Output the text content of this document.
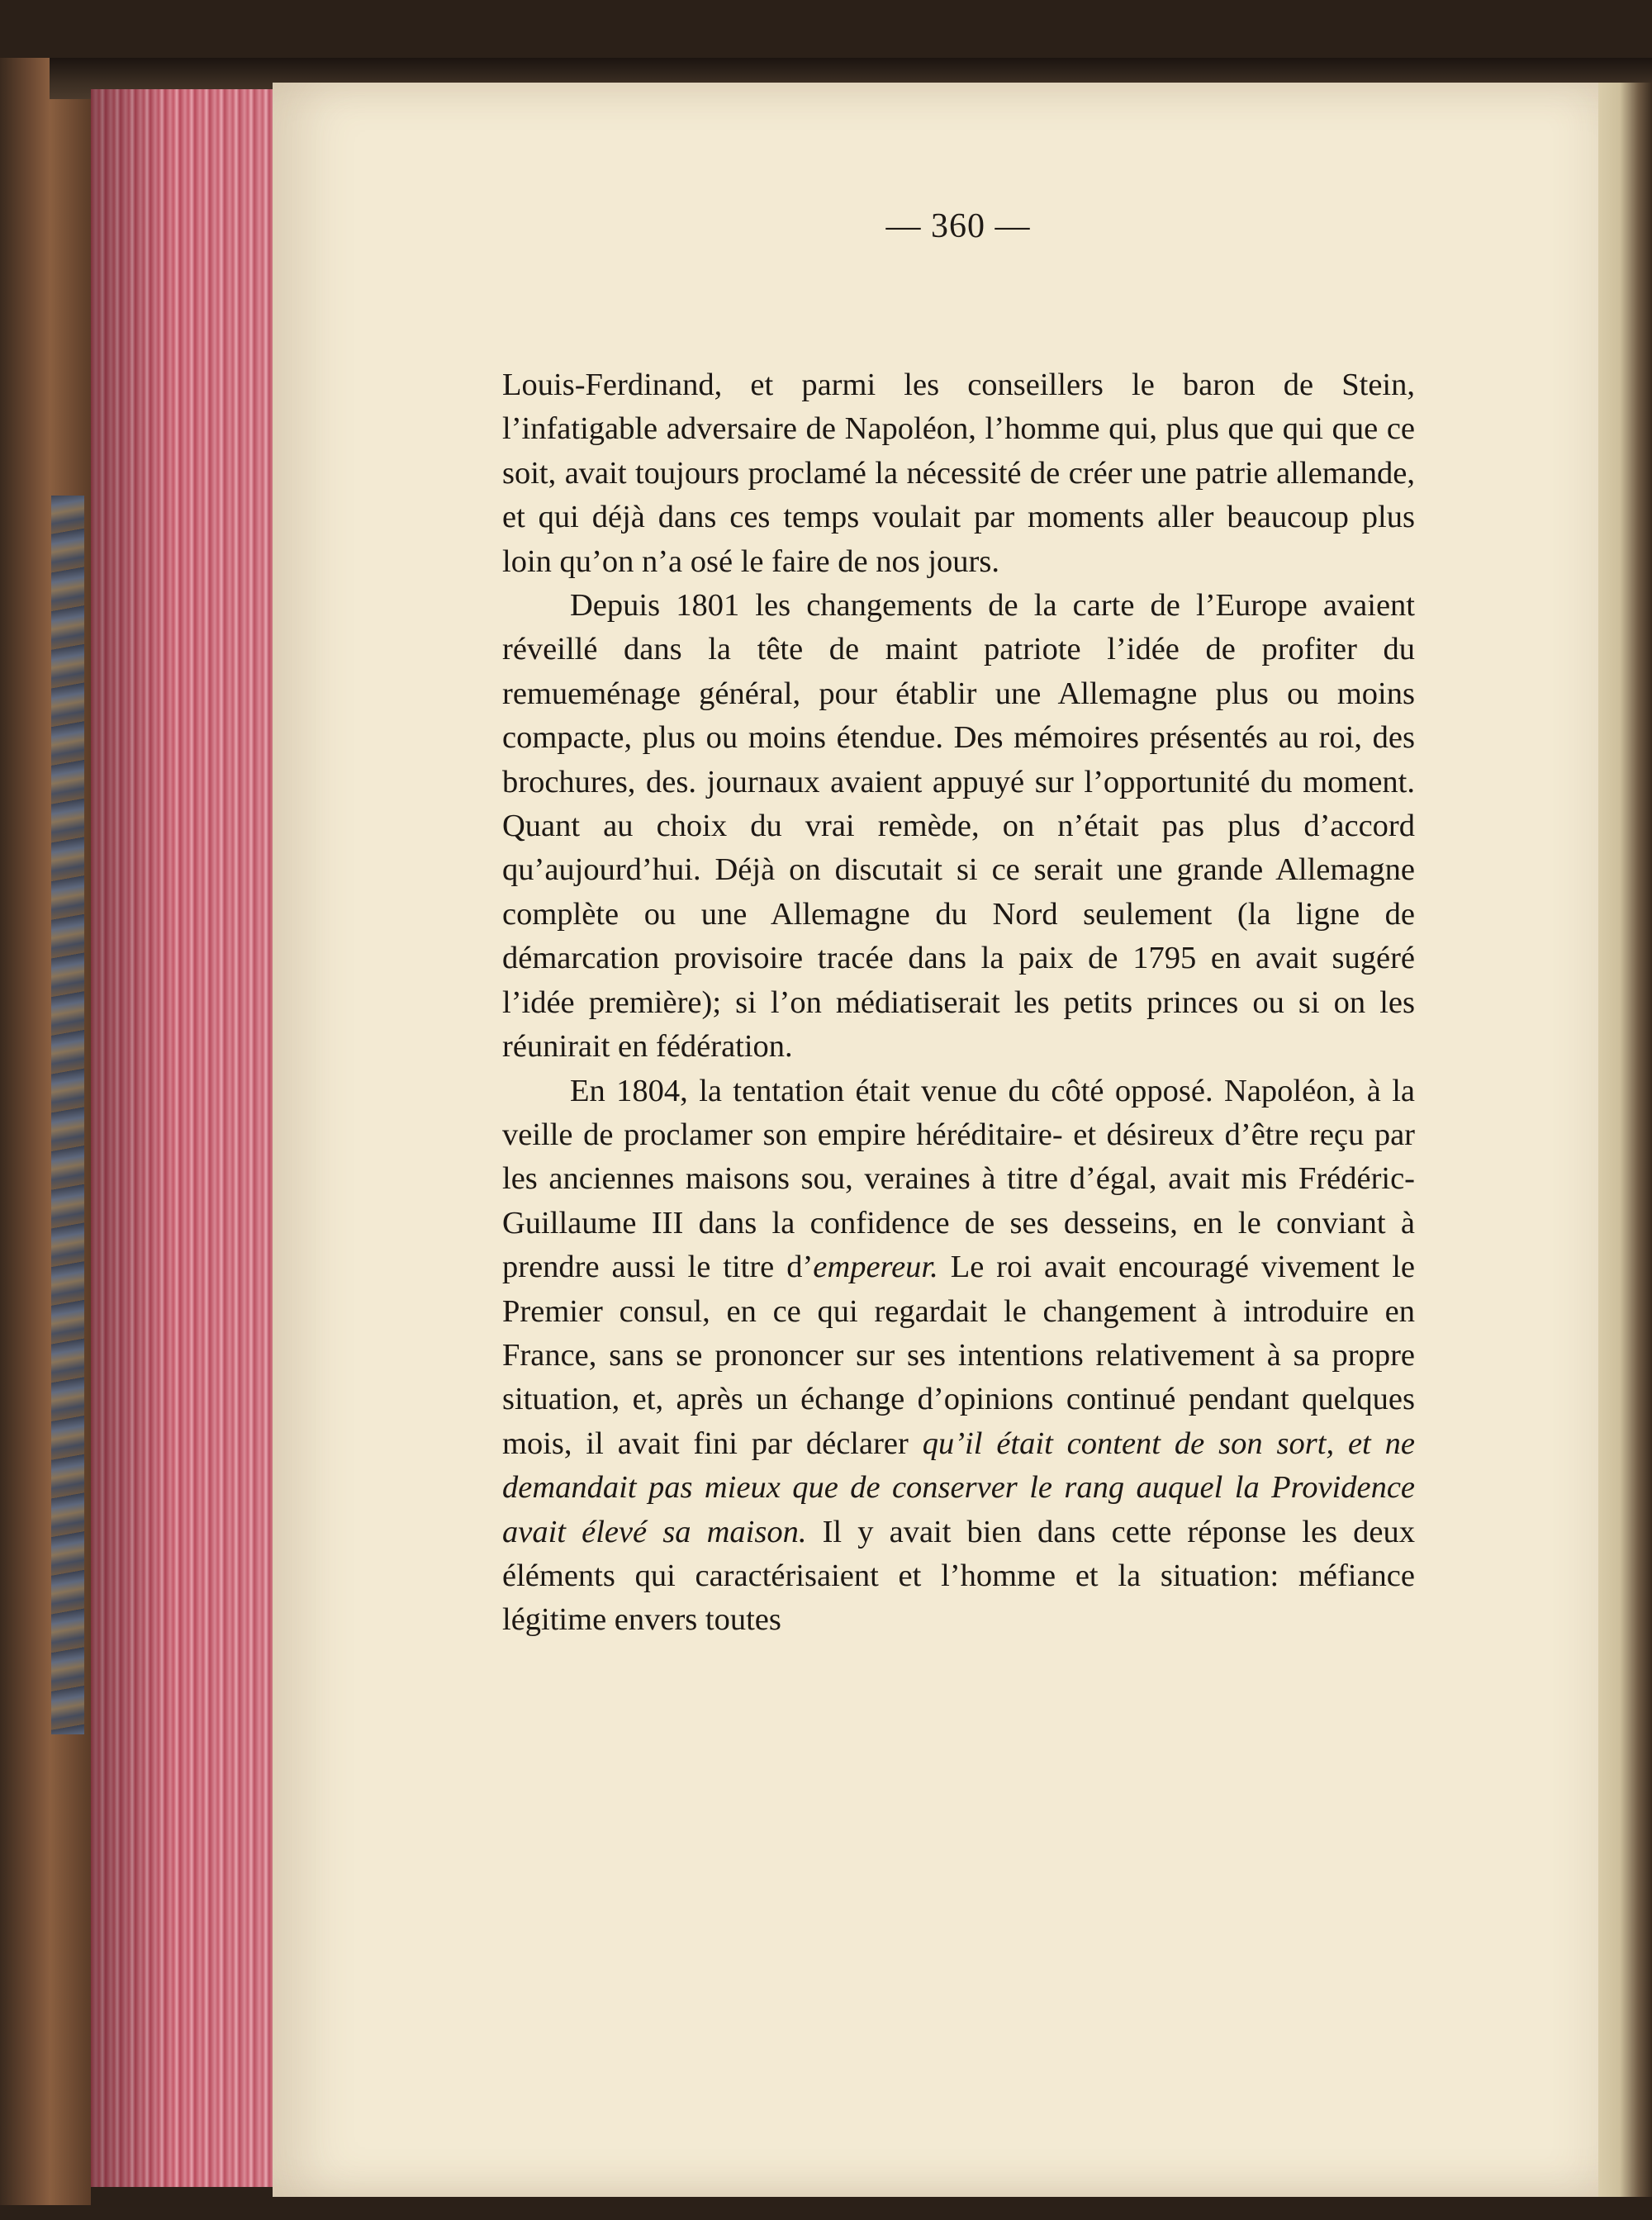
— 360 —

Louis-Ferdinand, et parmi les conseillers le baron de Stein, l’infatigable adversaire de Napoléon, l’homme qui, plus que qui que ce soit, avait toujours proclamé la nécessité de créer une patrie allemande, et qui déjà dans ces temps voulait par moments aller beaucoup plus loin qu’on n’a osé le faire de nos jours.

Depuis 1801 les changements de la carte de l’Europe avaient réveillé dans la tête de maint patriote l’idée de profiter du remueménage général, pour établir une Allemagne plus ou moins compacte, plus ou moins étendue. Des mémoires présentés au roi, des brochures, des. journaux avaient appuyé sur l’opportunité du moment. Quant au choix du vrai remède, on n’était pas plus d’accord qu’aujourd’hui. Déjà on discutait si ce serait une grande Allemagne complète ou une Allemagne du Nord seulement (la ligne de démarcation provisoire tracée dans la paix de 1795 en avait sugéré l’idée première); si l’on médiatiserait les petits princes ou si on les réunirait en fédération.

En 1804, la tentation était venue du côté opposé. Napoléon, à la veille de proclamer son empire héréditaire- et désireux d’être reçu par les anciennes maisons sou, veraines à titre d’égal, avait mis Frédéric-Guillaume III dans la confidence de ses desseins, en le conviant à prendre aussi le titre d’empereur. Le roi avait encouragé vivement le Premier consul, en ce qui regardait le changement à introduire en France, sans se prononcer sur ses intentions relativement à sa propre situation, et, après un échange d’opinions continué pendant quelques mois, il avait fini par déclarer qu’il était content de son sort, et ne demandait pas mieux que de conserver le rang auquel la Providence avait élevé sa maison. Il y avait bien dans cette réponse les deux éléments qui caractérisaient et l’homme et la situation: méfiance légitime envers toutes
